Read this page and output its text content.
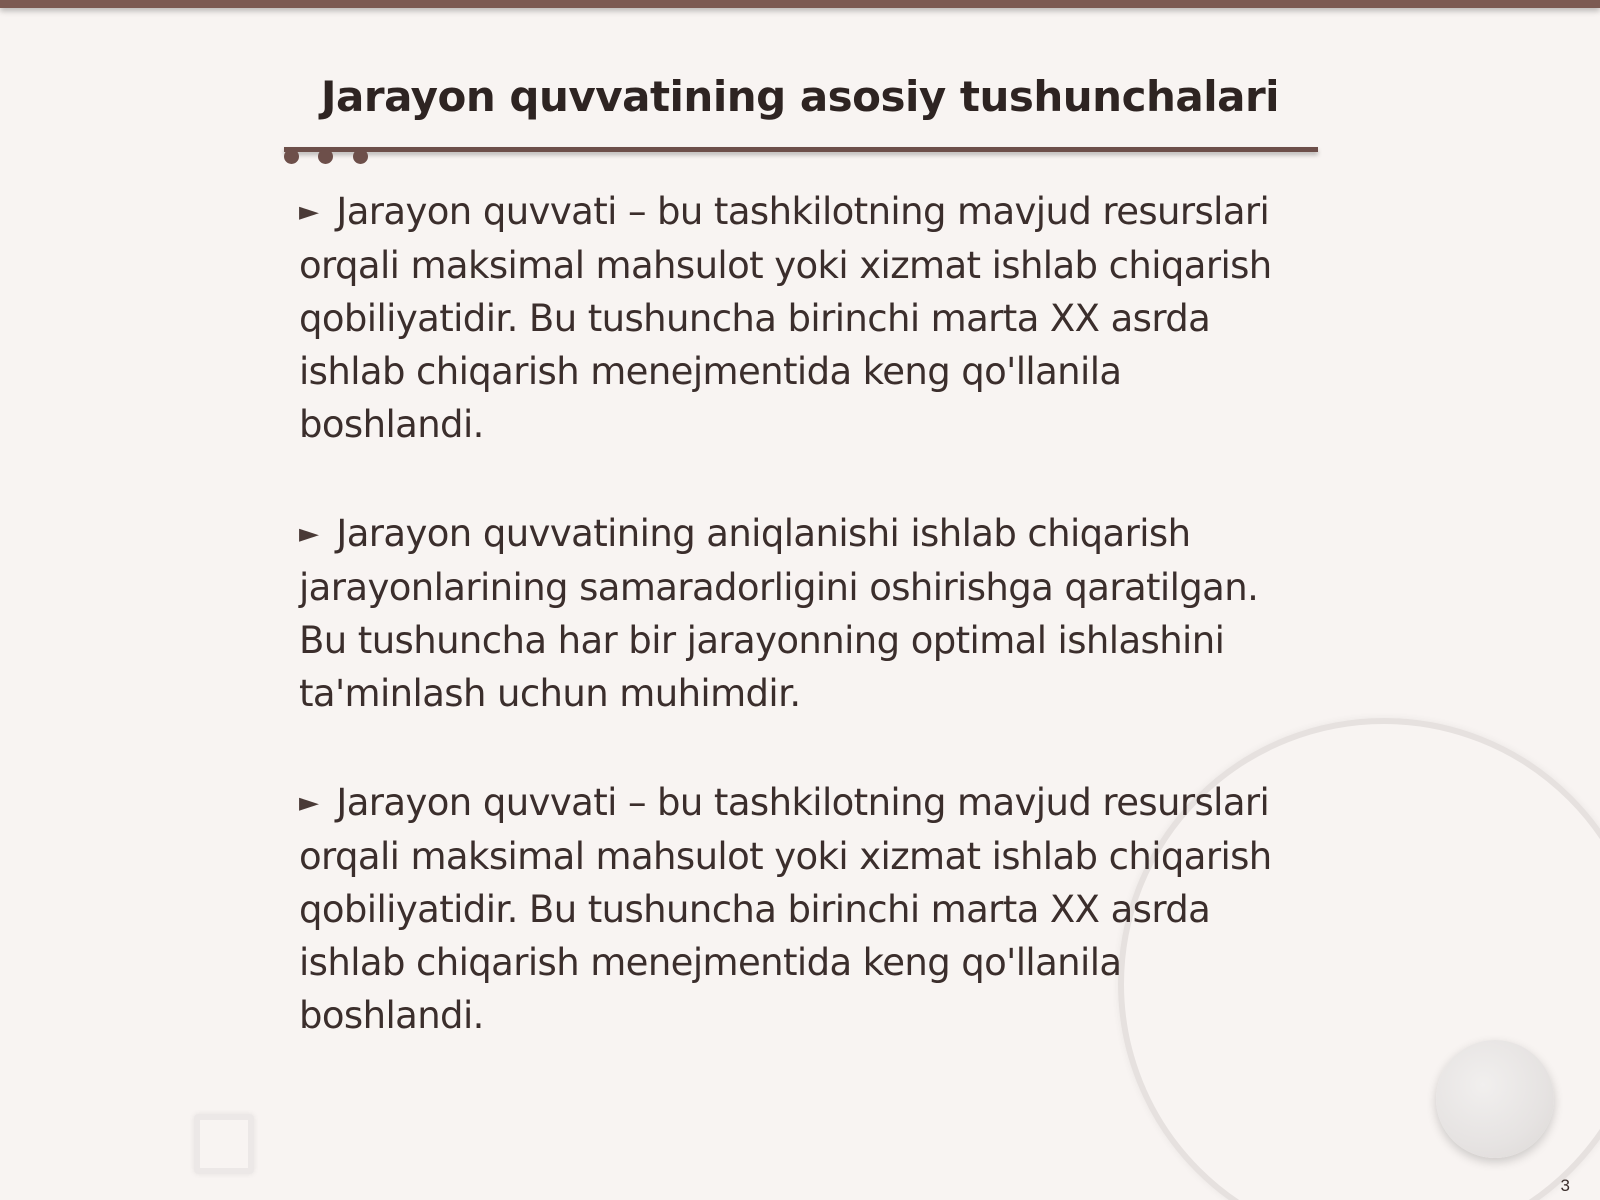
Jarayon quvvatining asosiy tushunchalari

► Jarayon quvvati – bu tashkilotning mavjud resurslari orqali maksimal mahsulot yoki xizmat ishlab chiqarish qobiliyatidir. Bu tushuncha birinchi marta XX asrda ishlab chiqarish menejmentida keng qo'llanila boshlandi.

► Jarayon quvvatining aniqlanishi ishlab chiqarish jarayonlarining samaradorligini oshirishga qaratilgan. Bu tushuncha har bir jarayonning optimal ishlashini ta'minlash uchun muhimdir.

► Jarayon quvvati – bu tashkilotning mavjud resurslari orqali maksimal mahsulot yoki xizmat ishlab chiqarish qobiliyatidir. Bu tushuncha birinchi marta XX asrda ishlab chiqarish menejmentida keng qo'llanila boshlandi.

3
